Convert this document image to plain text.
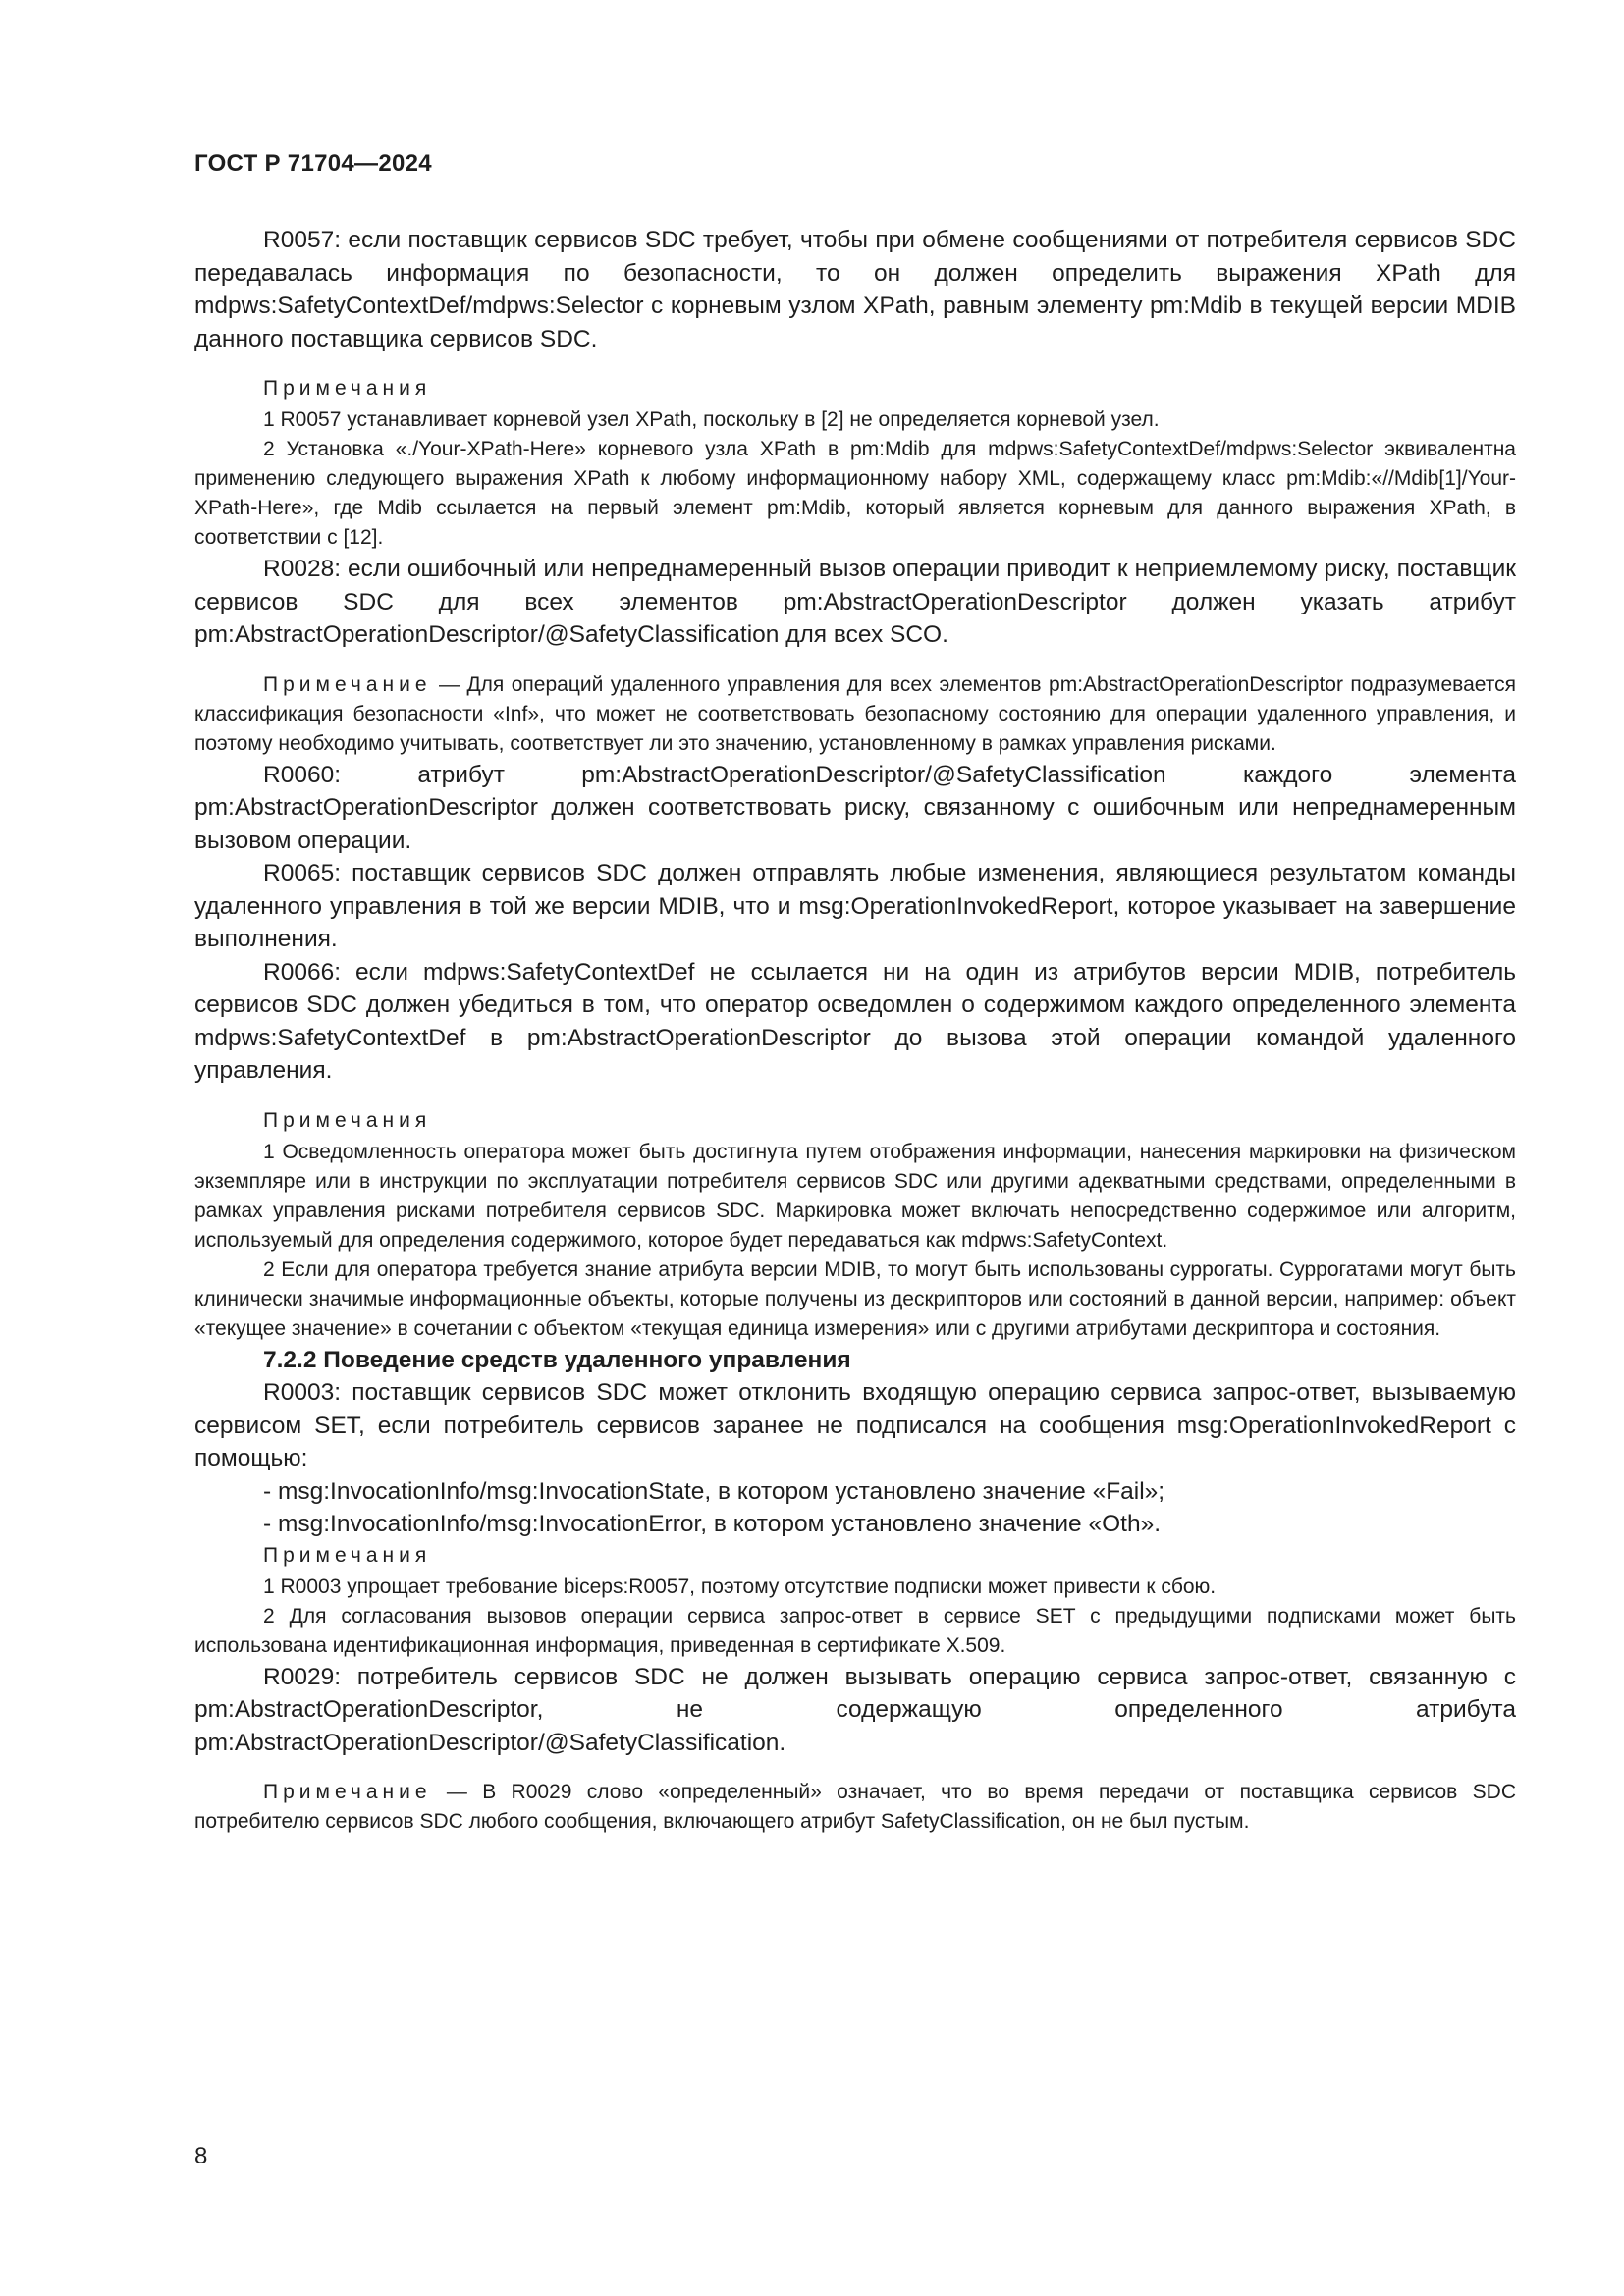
ГОСТ Р 71704—2024

R0057: если поставщик сервисов SDC требует, чтобы при обмене сообщениями от потребителя сервисов SDC передавалась информация по безопасности, то он должен определить выражения XPath для mdpws:SafetyContextDef/mdpws:Selector с корневым узлом XPath, равным элементу pm:Mdib в текущей версии MDIB данного поставщика сервисов SDC.

Примечания

1 R0057 устанавливает корневой узел XPath, поскольку в [2] не определяется корневой узел.

2 Установка «./Your-XPath-Here» корневого узла XPath в pm:Mdib для mdpws:SafetyContextDef/mdpws:Selector эквивалентна применению следующего выражения XPath к любому информационному набору XML, содержащему класс pm:Mdib:«//Mdib[1]/Your-XPath-Here», где Mdib ссылается на первый элемент pm:Mdib, который является корневым для данного выражения XPath, в соответствии с [12].

R0028: если ошибочный или непреднамеренный вызов операции приводит к неприемлемому риску, поставщик сервисов SDC для всех элементов pm:AbstractOperationDescriptor должен указать атрибут pm:AbstractOperationDescriptor/@SafetyClassification для всех SCO.

Примечание — Для операций удаленного управления для всех элементов pm:AbstractOperationDescriptor подразумевается классификация безопасности «Inf», что может не соответствовать безопасному состоянию для операции удаленного управления, и поэтому необходимо учитывать, соответствует ли это значению, установленному в рамках управления рисками.

R0060: атрибут pm:AbstractOperationDescriptor/@SafetyClassification каждого элемента pm:AbstractOperationDescriptor должен соответствовать риску, связанному с ошибочным или непреднамеренным вызовом операции.

R0065: поставщик сервисов SDC должен отправлять любые изменения, являющиеся результатом команды удаленного управления в той же версии MDIB, что и msg:OperationInvokedReport, которое указывает на завершение выполнения.

R0066: если mdpws:SafetyContextDef не ссылается ни на один из атрибутов версии MDIB, потребитель сервисов SDC должен убедиться в том, что оператор осведомлен о содержимом каждого определенного элемента mdpws:SafetyContextDef в pm:AbstractOperationDescriptor до вызова этой операции командой удаленного управления.

Примечания

1 Осведомленность оператора может быть достигнута путем отображения информации, нанесения маркировки на физическом экземпляре или в инструкции по эксплуатации потребителя сервисов SDC или другими адекватными средствами, определенными в рамках управления рисками потребителя сервисов SDC. Маркировка может включать непосредственно содержимое или алгоритм, используемый для определения содержимого, которое будет передаваться как mdpws:SafetyContext.

2 Если для оператора требуется знание атрибута версии MDIB, то могут быть использованы суррогаты. Суррогатами могут быть клинически значимые информационные объекты, которые получены из дескрипторов или состояний в данной версии, например: объект «текущее значение» в сочетании с объектом «текущая единица измерения» или с другими атрибутами дескриптора и состояния.

7.2.2 Поведение средств удаленного управления

R0003: поставщик сервисов SDC может отклонить входящую операцию сервиса запрос-ответ, вызываемую сервисом SET, если потребитель сервисов заранее не подписался на сообщения msg:OperationInvokedReport с помощью:

- msg:InvocationInfo/msg:InvocationState, в котором установлено значение «Fail»;

- msg:InvocationInfo/msg:InvocationError, в котором установлено значение «Oth».

Примечания

1 R0003 упрощает требование biceps:R0057, поэтому отсутствие подписки может привести к сбою.

2 Для согласования вызовов операции сервиса запрос-ответ в сервисе SET с предыдущими подписками может быть использована идентификационная информация, приведенная в сертификате X.509.

R0029: потребитель сервисов SDC не должен вызывать операцию сервиса запрос-ответ, связанную с pm:AbstractOperationDescriptor, не содержащую определенного атрибута pm:AbstractOperationDescriptor/@SafetyClassification.

Примечание — В R0029 слово «определенный» означает, что во время передачи от поставщика сервисов SDC потребителю сервисов SDC любого сообщения, включающего атрибут SafetyClassification, он не был пустым.

8
